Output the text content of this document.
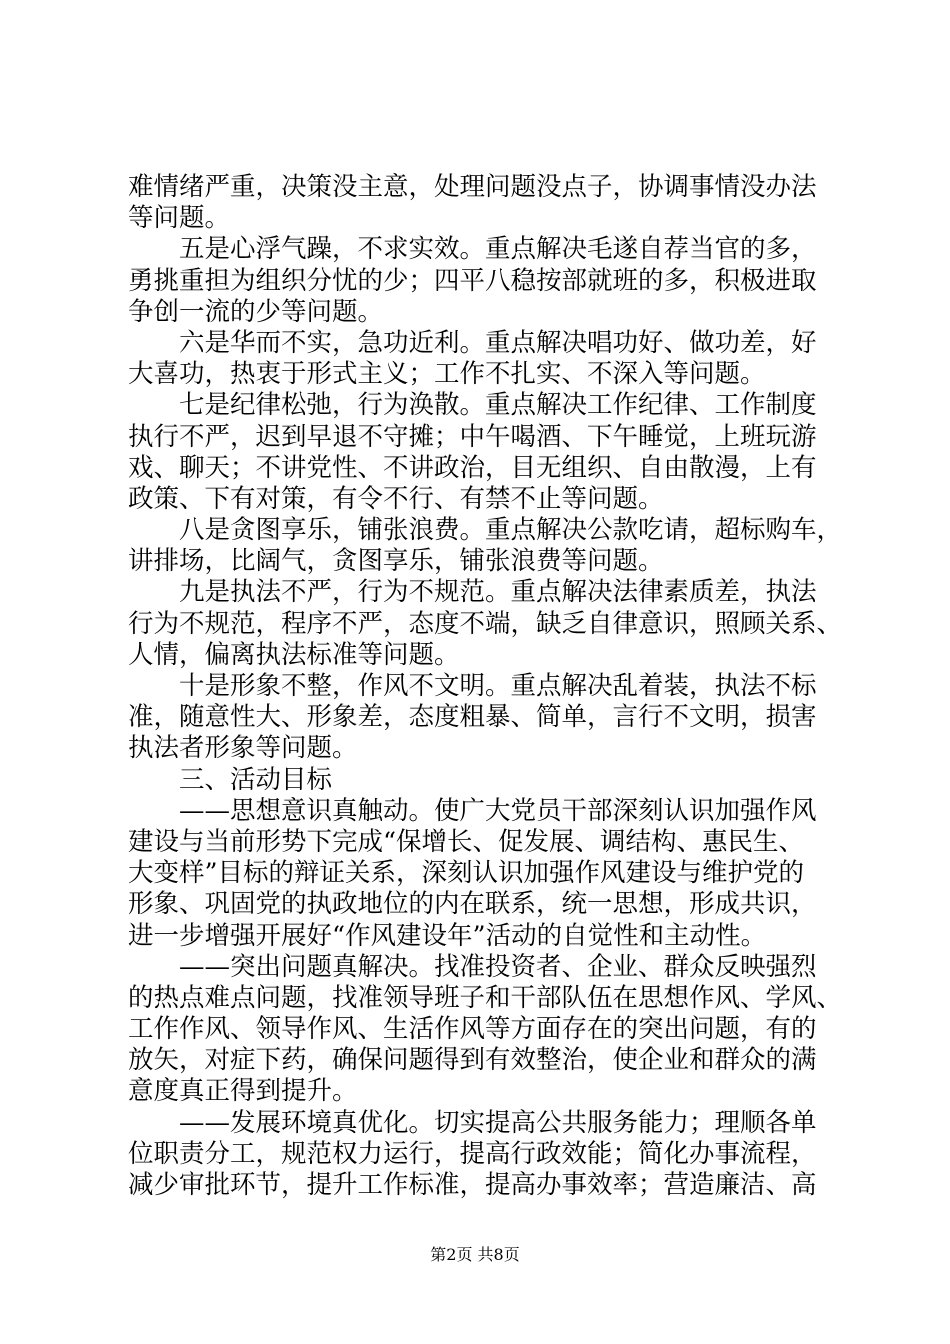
难情绪严重，决策没主意，处理问题没点子，协调事情没办法
等问题。
　　五是心浮气躁，不求实效。重点解决毛遂自荐当官的多，
勇挑重担为组织分忧的少；四平八稳按部就班的多，积极进取
争创一流的少等问题。
　　六是华而不实，急功近利。重点解决唱功好、做功差，好
大喜功，热衷于形式主义；工作不扎实、不深入等问题。
　　七是纪律松弛，行为涣散。重点解决工作纪律、工作制度
执行不严，迟到早退不守摊；中午喝酒、下午睡觉，上班玩游
戏、聊天；不讲党性、不讲政治，目无组织、自由散漫，上有
政策、下有对策，有令不行、有禁不止等问题。
　　八是贪图享乐，铺张浪费。重点解决公款吃请，超标购车，
讲排场，比阔气，贪图享乐，铺张浪费等问题。
　　九是执法不严，行为不规范。重点解决法律素质差，执法
行为不规范，程序不严，态度不端，缺乏自律意识，照顾关系、
人情，偏离执法标准等问题。
　　十是形象不整，作风不文明。重点解决乱着装，执法不标
准，随意性大、形象差，态度粗暴、简单，言行不文明，损害
执法者形象等问题。
　　三、活动目标
　　——思想意识真触动。使广大党员干部深刻认识加强作风
建设与当前形势下完成“保增长、促发展、调结构、惠民生、
大变样”目标的辩证关系，深刻认识加强作风建设与维护党的
形象、巩固党的执政地位的内在联系，统一思想，形成共识，
进一步增强开展好“作风建设年”活动的自觉性和主动性。
　　——突出问题真解决。找准投资者、企业、群众反映强烈
的热点难点问题，找准领导班子和干部队伍在思想作风、学风、
工作作风、领导作风、生活作风等方面存在的突出问题，有的
放矢，对症下药，确保问题得到有效整治，使企业和群众的满
意度真正得到提升。
　　——发展环境真优化。切实提高公共服务能力；理顺各单
位职责分工，规范权力运行，提高行政效能；简化办事流程，
减少审批环节，提升工作标准，提高办事效率；营造廉洁、高
第2页 共8页
